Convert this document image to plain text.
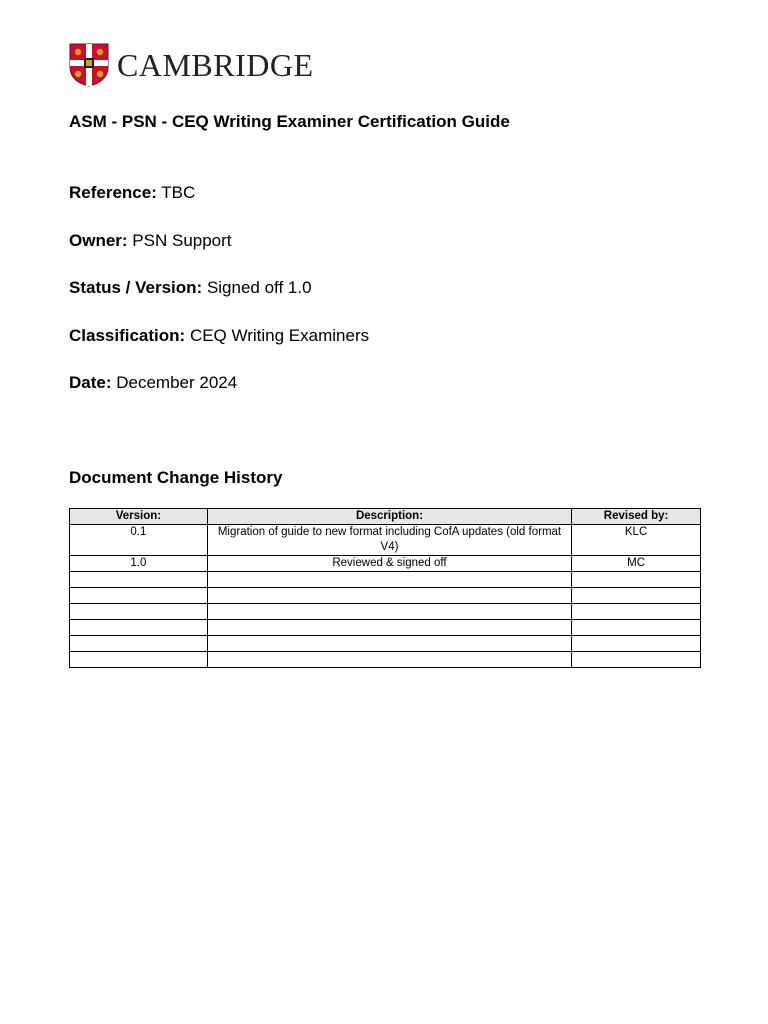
CAMBRIDGE
ASM - PSN - CEQ Writing Examiner Certification Guide

Reference: TBC

Owner: PSN Support

Status / Version: Signed off 1.0

Classification: CEQ Writing Examiners

Date: December 2024

Document Change History
Version:	Description:	Revised by:
0.1	Migration of guide to new format including CofA updates (old format V4)	KLC
1.0	Reviewed & signed off	MC
